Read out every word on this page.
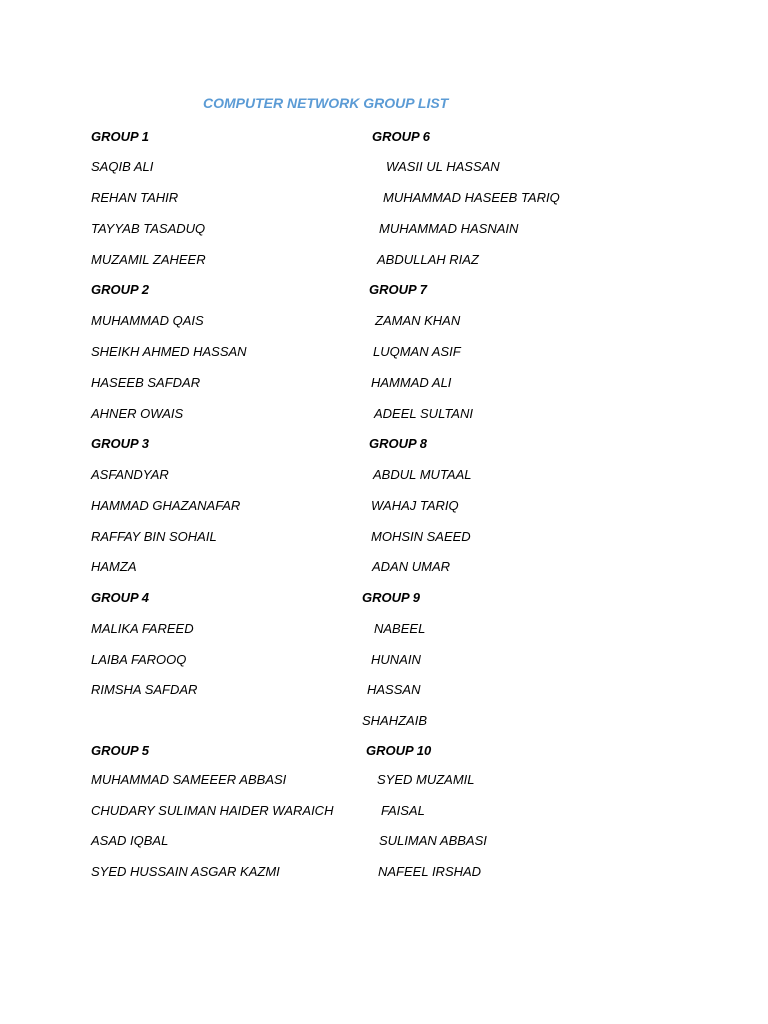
COMPUTER NETWORK GROUP LIST
GROUP 1
SAQIB ALI
REHAN TAHIR
TAYYAB TASADUQ
MUZAMIL ZAHEER
GROUP 2
MUHAMMAD QAIS
SHEIKH AHMED HASSAN
HASEEB SAFDAR
AHNER OWAIS
GROUP 3
ASFANDYAR
HAMMAD GHAZANAFAR
RAFFAY BIN SOHAIL
HAMZA
GROUP 4
MALIKA FAREED
LAIBA FAROOQ
RIMSHA SAFDAR
GROUP 5
MUHAMMAD SAMEEER ABBASI
CHUDARY SULIMAN HAIDER WARAICH
ASAD IQBAL
SYED HUSSAIN ASGAR KAZMI
GROUP 6
WASII UL HASSAN
MUHAMMAD HASEEB TARIQ
MUHAMMAD HASNAIN
ABDULLAH RIAZ
GROUP 7
ZAMAN KHAN
LUQMAN ASIF
HAMMAD ALI
ADEEL SULTANI
GROUP 8
ABDUL MUTAAL
WAHAJ TARIQ
MOHSIN SAEED
ADAN UMAR
GROUP 9
NABEEL
HUNAIN
HASSAN
SHAHZAIB
GROUP 10
SYED MUZAMIL
FAISAL
SULIMAN ABBASI
NAFEEL IRSHAD
